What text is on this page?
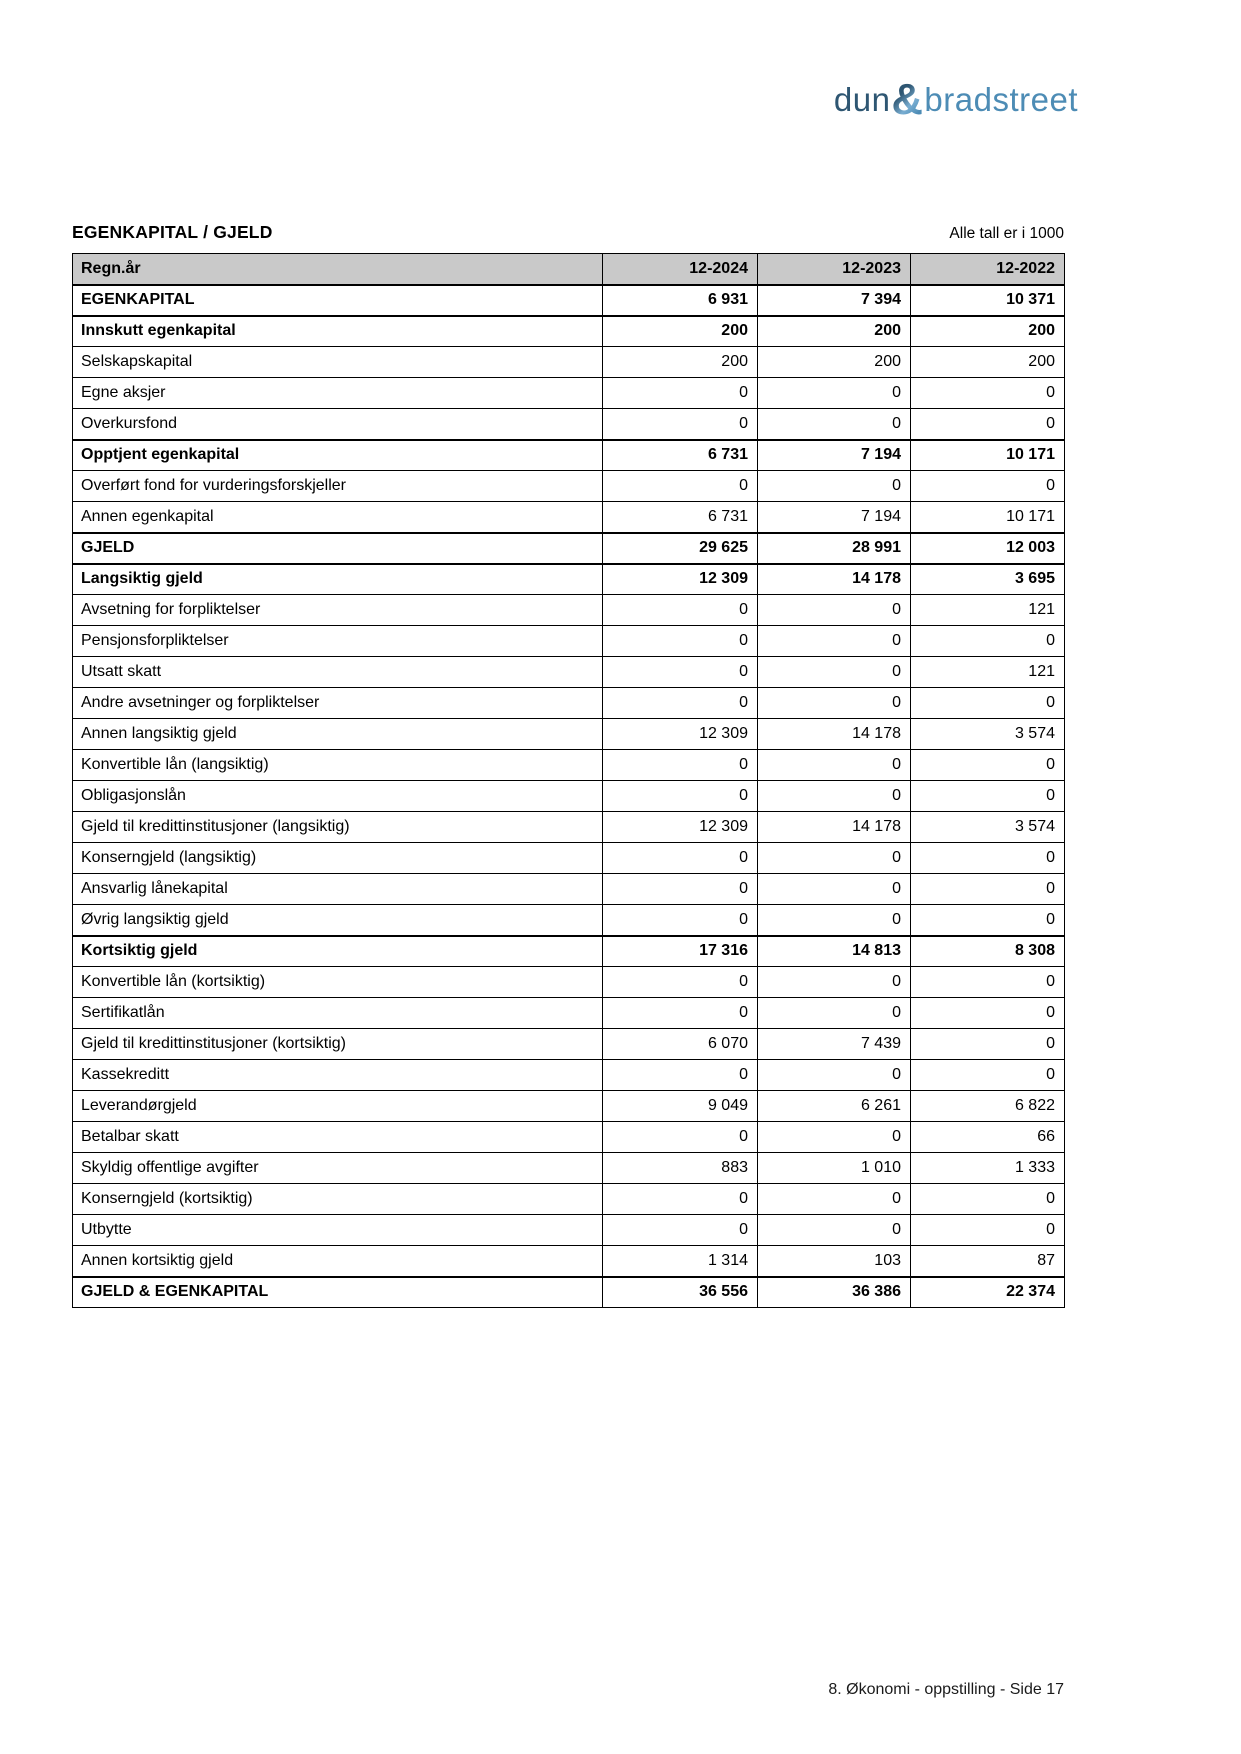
dun&bradstreet
EGENKAPITAL / GJELD	Alle tall er i 1000
Regn.år	12-2024	12-2023	12-2022
EGENKAPITAL	6 931	7 394	10 371
Innskutt egenkapital	200	200	200
Selskapskapital	200	200	200
Egne aksjer	0	0	0
Overkursfond	0	0	0
Opptjent egenkapital	6 731	7 194	10 171
Overført fond for vurderingsforskjeller	0	0	0
Annen egenkapital	6 731	7 194	10 171
GJELD	29 625	28 991	12 003
Langsiktig gjeld	12 309	14 178	3 695
Avsetning for forpliktelser	0	0	121
Pensjonsforpliktelser	0	0	0
Utsatt skatt	0	0	121
Andre avsetninger og forpliktelser	0	0	0
Annen langsiktig gjeld	12 309	14 178	3 574
Konvertible lån (langsiktig)	0	0	0
Obligasjonslån	0	0	0
Gjeld til kredittinstitusjoner (langsiktig)	12 309	14 178	3 574
Konserngjeld (langsiktig)	0	0	0
Ansvarlig lånekapital	0	0	0
Øvrig langsiktig gjeld	0	0	0
Kortsiktig gjeld	17 316	14 813	8 308
Konvertible lån (kortsiktig)	0	0	0
Sertifikatlån	0	0	0
Gjeld til kredittinstitusjoner (kortsiktig)	6 070	7 439	0
Kassekreditt	0	0	0
Leverandørgjeld	9 049	6 261	6 822
Betalbar skatt	0	0	66
Skyldig offentlige avgifter	883	1 010	1 333
Konserngjeld (kortsiktig)	0	0	0
Utbytte	0	0	0
Annen kortsiktig gjeld	1 314	103	87
GJELD & EGENKAPITAL	36 556	36 386	22 374
8. Økonomi - oppstilling - Side 17
